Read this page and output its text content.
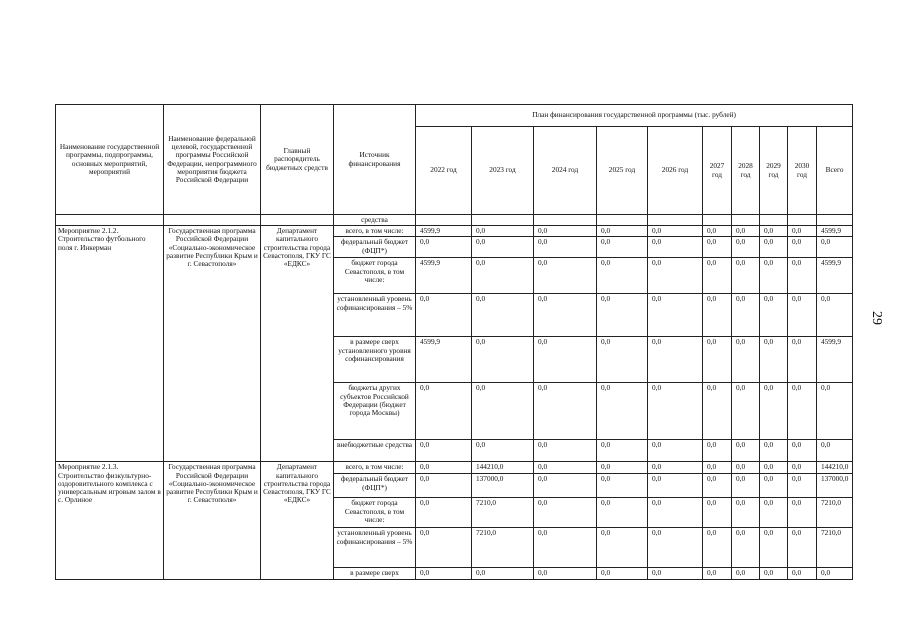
Наименование государственной программы, подпрограммы, основных мероприятий, мероприятий	Наименование федеральной целевой, государственной программы Российской Федерации, непрограммного мероприятия бюджета Российской Федерации	Главный распорядитель бюджетных средств	Источник финансирования	План финансирования государственной программы (тыс. рублей)									
				2022 год	2023 год	2024 год	2025 год	2026 год	2027 год	2028 год	2029 год	2030 год	Всего
			средства										
Мероприятие 2.1.2. Строительство футбольного поля г. Инкерман	Государственная программа Российской Федерации «Социально-экономическое развитие Республики Крым и г. Севастополя»	Департамент капитального строительства города Севастополя, ГКУ ГС «ЕДКС»	всего, в том числе:	4599,9	0,0	0,0	0,0	0,0	0,0	0,0	0,0	0,0	4599,9
			федеральный бюджет (ФЦП*)	0,0	0,0	0,0	0,0	0,0	0,0	0,0	0,0	0,0	0,0
			бюджет города Севастополя, в том числе:	4599,9	0,0	0,0	0,0	0,0	0,0	0,0	0,0	0,0	4599,9
			установленный уровень софинансирования – 5%	0,0	0,0	0,0	0,0	0,0	0,0	0,0	0,0	0,0	0,0
			в размере сверх установленного уровня софинансирования	4599,9	0,0	0,0	0,0	0,0	0,0	0,0	0,0	0,0	4599,9
			бюджеты других субъектов Российской Федерации (бюджет города Москвы)	0,0	0,0	0,0	0,0	0,0	0,0	0,0	0,0	0,0	0,0
			внебюджетные средства	0,0	0,0	0,0	0,0	0,0	0,0	0,0	0,0	0,0	0,0
Мероприятие 2.1.3. Строительство физкультурно-оздоровительного комплекса с универсальным игровым залом в с. Орлиное	Государственная программа Российской Федерации «Социально-экономическое развитие Республики Крым и г. Севастополя»	Департамент капитального строительства города Севастополя, ГКУ ГС «ЕДКС»	всего, в том числе:	0,0	144210,0	0,0	0,0	0,0	0,0	0,0	0,0	0,0	144210,0
			федеральный бюджет (ФЦП*)	0,0	137000,0	0,0	0,0	0,0	0,0	0,0	0,0	0,0	137000,0
			бюджет города Севастополя, в том числе:	0,0	7210,0	0,0	0,0	0,0	0,0	0,0	0,0	0,0	7210,0
			установленный уровень софинансирования – 5%	0,0	7210,0	0,0	0,0	0,0	0,0	0,0	0,0	0,0	7210,0
			в размере сверх	0,0	0,0	0,0	0,0	0,0	0,0	0,0	0,0	0,0	0,0
29
